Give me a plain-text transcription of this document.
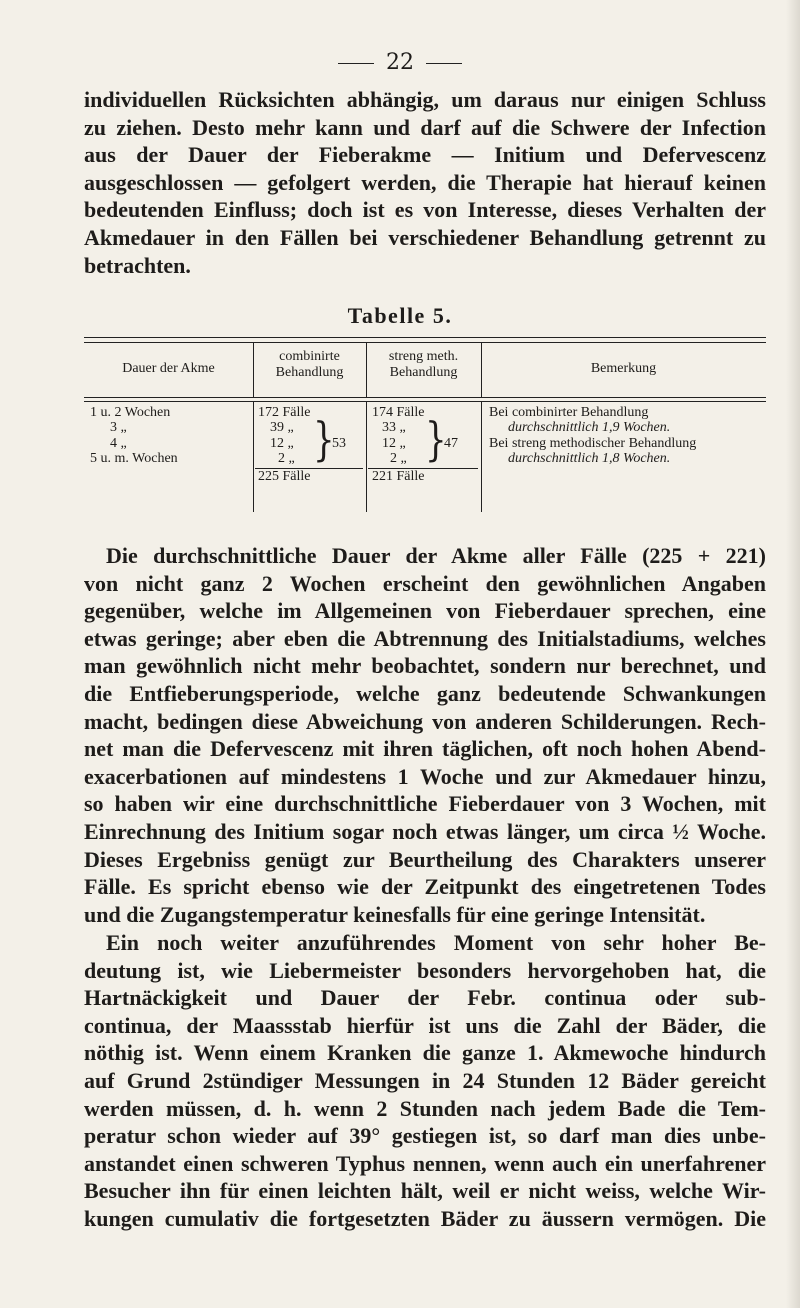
22
individuellen Rücksichten abhängig, um daraus nur einigen Schluss
zu ziehen. Desto mehr kann und darf auf die Schwere der Infection
aus der Dauer der Fieberakme — Initium und Defervescenz
ausgeschlossen — gefolgert werden, die Therapie hat hierauf keinen
bedeutenden Einfluss; doch ist es von Interesse, dieses Verhalten der
Akmedauer in den Fällen bei verschiedener Behandlung getrennt zu
betrachten.
Tabelle 5.
Dauer der Akme
combinirte
Behandlung
streng meth.
Behandlung	Bemerkung
1 u. 2 Wochen
3 „
4 „
5 u. m. Wochen
172 Fälle
39 „
12 „
2 „ }
53
225 Fälle
174 Fälle
33 „
12 „
2 „ }
47
221 Fälle
Bei combinirter Behandlung
durchschnittlich 1,9 Wochen.
Bei streng methodischer Behandlung
durchschnittlich 1,8 Wochen.
Die durchschnittliche Dauer der Akme aller Fälle (225 + 221)
von nicht ganz 2 Wochen erscheint den gewöhnlichen Angaben
gegenüber, welche im Allgemeinen von Fieberdauer sprechen, eine
etwas geringe; aber eben die Abtrennung des Initialstadiums, welches
man gewöhnlich nicht mehr beobachtet, sondern nur berechnet, und
die Entfieberungsperiode, welche ganz bedeutende Schwankungen
macht, bedingen diese Abweichung von anderen Schilderungen. Rech-
net man die Defervescenz mit ihren täglichen, oft noch hohen Abend-
exacerbationen auf mindestens 1 Woche und zur Akmedauer hinzu,
so haben wir eine durchschnittliche Fieberdauer von 3 Wochen, mit
Einrechnung des Initium sogar noch etwas länger, um circa ½ Woche.
Dieses Ergebniss genügt zur Beurtheilung des Charakters unserer
Fälle. Es spricht ebenso wie der Zeitpunkt des eingetretenen Todes
und die Zugangstemperatur keinesfalls für eine geringe Intensität.
Ein noch weiter anzuführendes Moment von sehr hoher Be-
deutung ist, wie Liebermeister besonders hervorgehoben hat, die
Hartnäckigkeit und Dauer der Febr. continua oder sub-
continua, der Maassstab hierfür ist uns die Zahl der Bäder, die
nöthig ist. Wenn einem Kranken die ganze 1. Akmewoche hindurch
auf Grund 2stündiger Messungen in 24 Stunden 12 Bäder gereicht
werden müssen, d. h. wenn 2 Stunden nach jedem Bade die Tem-
peratur schon wieder auf 39° gestiegen ist, so darf man dies unbe-
anstandet einen schweren Typhus nennen, wenn auch ein unerfahrener
Besucher ihn für einen leichten hält, weil er nicht weiss, welche Wir-
kungen cumulativ die fortgesetzten Bäder zu äussern vermögen. Die
